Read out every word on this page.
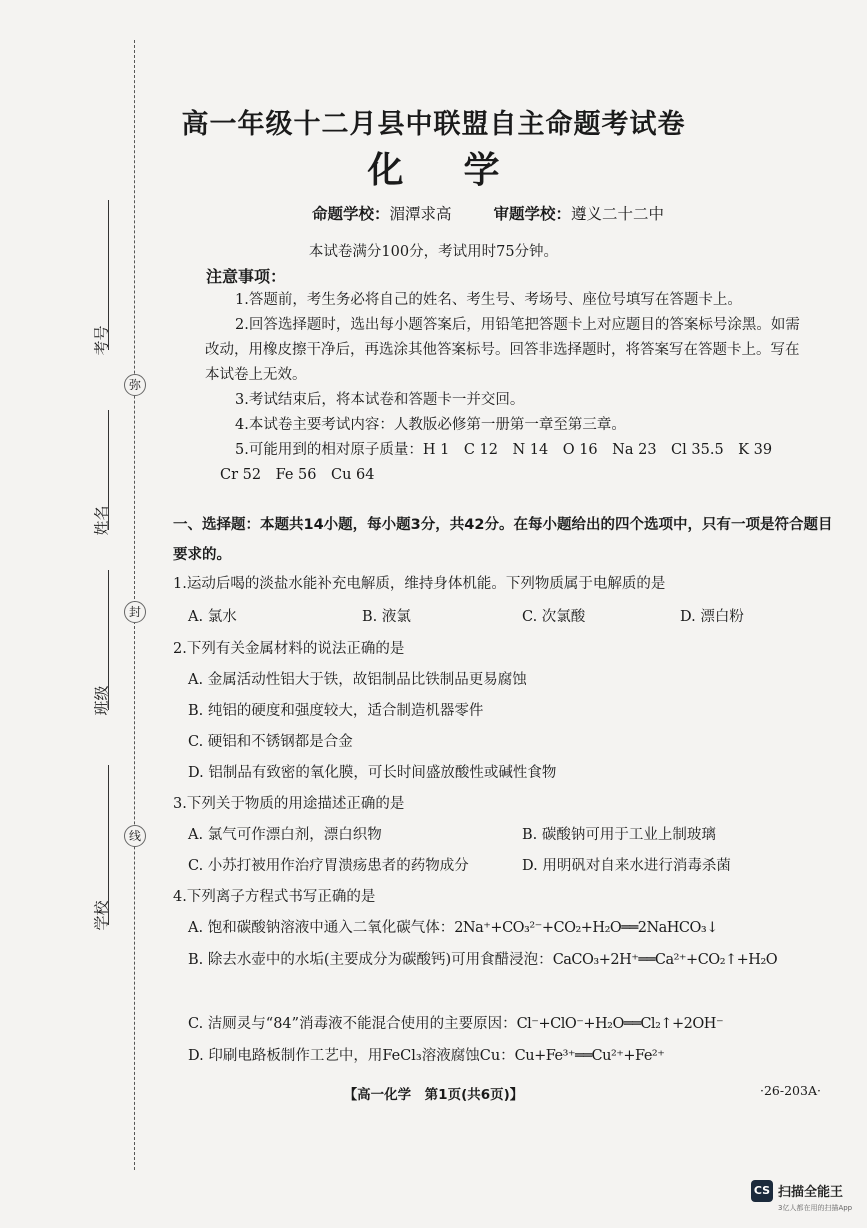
弥
封
线
考号
姓名
班级
学校
高一年级十二月县中联盟自主命题考试卷
化学
命题学校：湄潭求高	审题学校：遵义二十二中
本试卷满分100分，考试用时75分钟。
注意事项：

1.答题前，考生务必将自己的姓名、考生号、考场号、座位号填写在答题卡上。

2.回答选择题时，选出每小题答案后，用铅笔把答题卡上对应题目的答案标号涂黑。如需改动，用橡皮擦干净后，再选涂其他答案标号。回答非选择题时，将答案写在答题卡上。写在本试卷上无效。

3.考试结束后，将本试卷和答题卡一并交回。

4.本试卷主要考试内容：人教版必修第一册第一章至第三章。

5.可能用到的相对原子质量：H 1　C 12　N 14　O 16　Na 23　Cl 35.5　K 39

Cr 52　Fe 56　Cu 64

一、选择题：本题共14小题，每小题3分，共42分。在每小题给出的四个选项中，只有一项是符合题目要求的。
1.运动后喝的淡盐水能补充电解质，维持身体机能。下列物质属于电解质的是
A. 氯水	B. 液氯	C. 次氯酸	D. 漂白粉
2.下列有关金属材料的说法正确的是
A. 金属活动性铝大于铁，故铝制品比铁制品更易腐蚀
B. 纯铝的硬度和强度较大，适合制造机器零件
C. 硬铝和不锈钢都是合金
D. 铝制品有致密的氧化膜，可长时间盛放酸性或碱性食物
3.下列关于物质的用途描述正确的是
A. 氯气可作漂白剂，漂白织物	B. 碳酸钠可用于工业上制玻璃
C. 小苏打被用作治疗胃溃疡患者的药物成分	D. 用明矾对自来水进行消毒杀菌
4.下列离子方程式书写正确的是
A. 饱和碳酸钠溶液中通入二氧化碳气体：2Na⁺+CO₃²⁻+CO₂+H₂O══2NaHCO₃↓
B. 除去水壶中的水垢(主要成分为碳酸钙)可用食醋浸泡：CaCO₃+2H⁺══Ca²⁺+CO₂↑+H₂O
C. 洁厕灵与“84”消毒液不能混合使用的主要原因：Cl⁻+ClO⁻+H₂O══Cl₂↑+2OH⁻
D. 印刷电路板制作工艺中，用FeCl₃溶液腐蚀Cu：Cu+Fe³⁺══Cu²⁺+Fe²⁺
【高一化学　第1页(共6页)】	·26-203A·
CS 扫描全能王
3亿人都在用的扫描App
